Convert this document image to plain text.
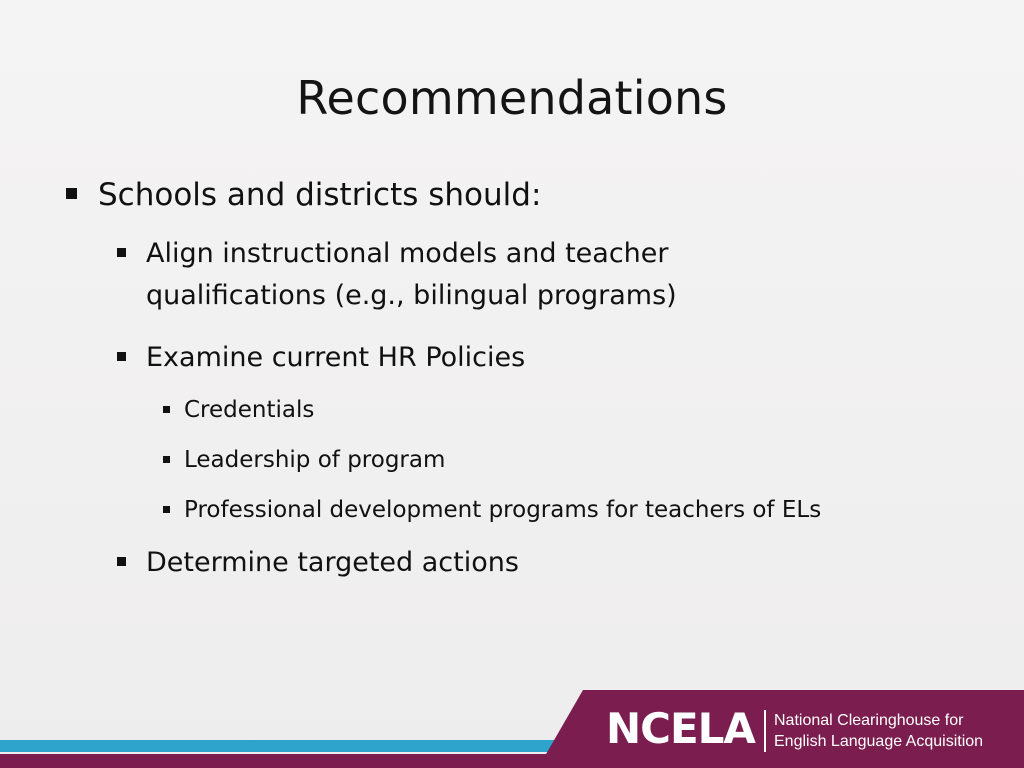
Recommendations
Schools and districts should:
Align instructional models and teacher
qualifications (e.g., bilingual programs)
Examine current HR Policies
Credentials
Leadership of program
Professional development programs for teachers of ELs
Determine targeted actions
NCELA National Clearinghouse for
English Language Acquisition
